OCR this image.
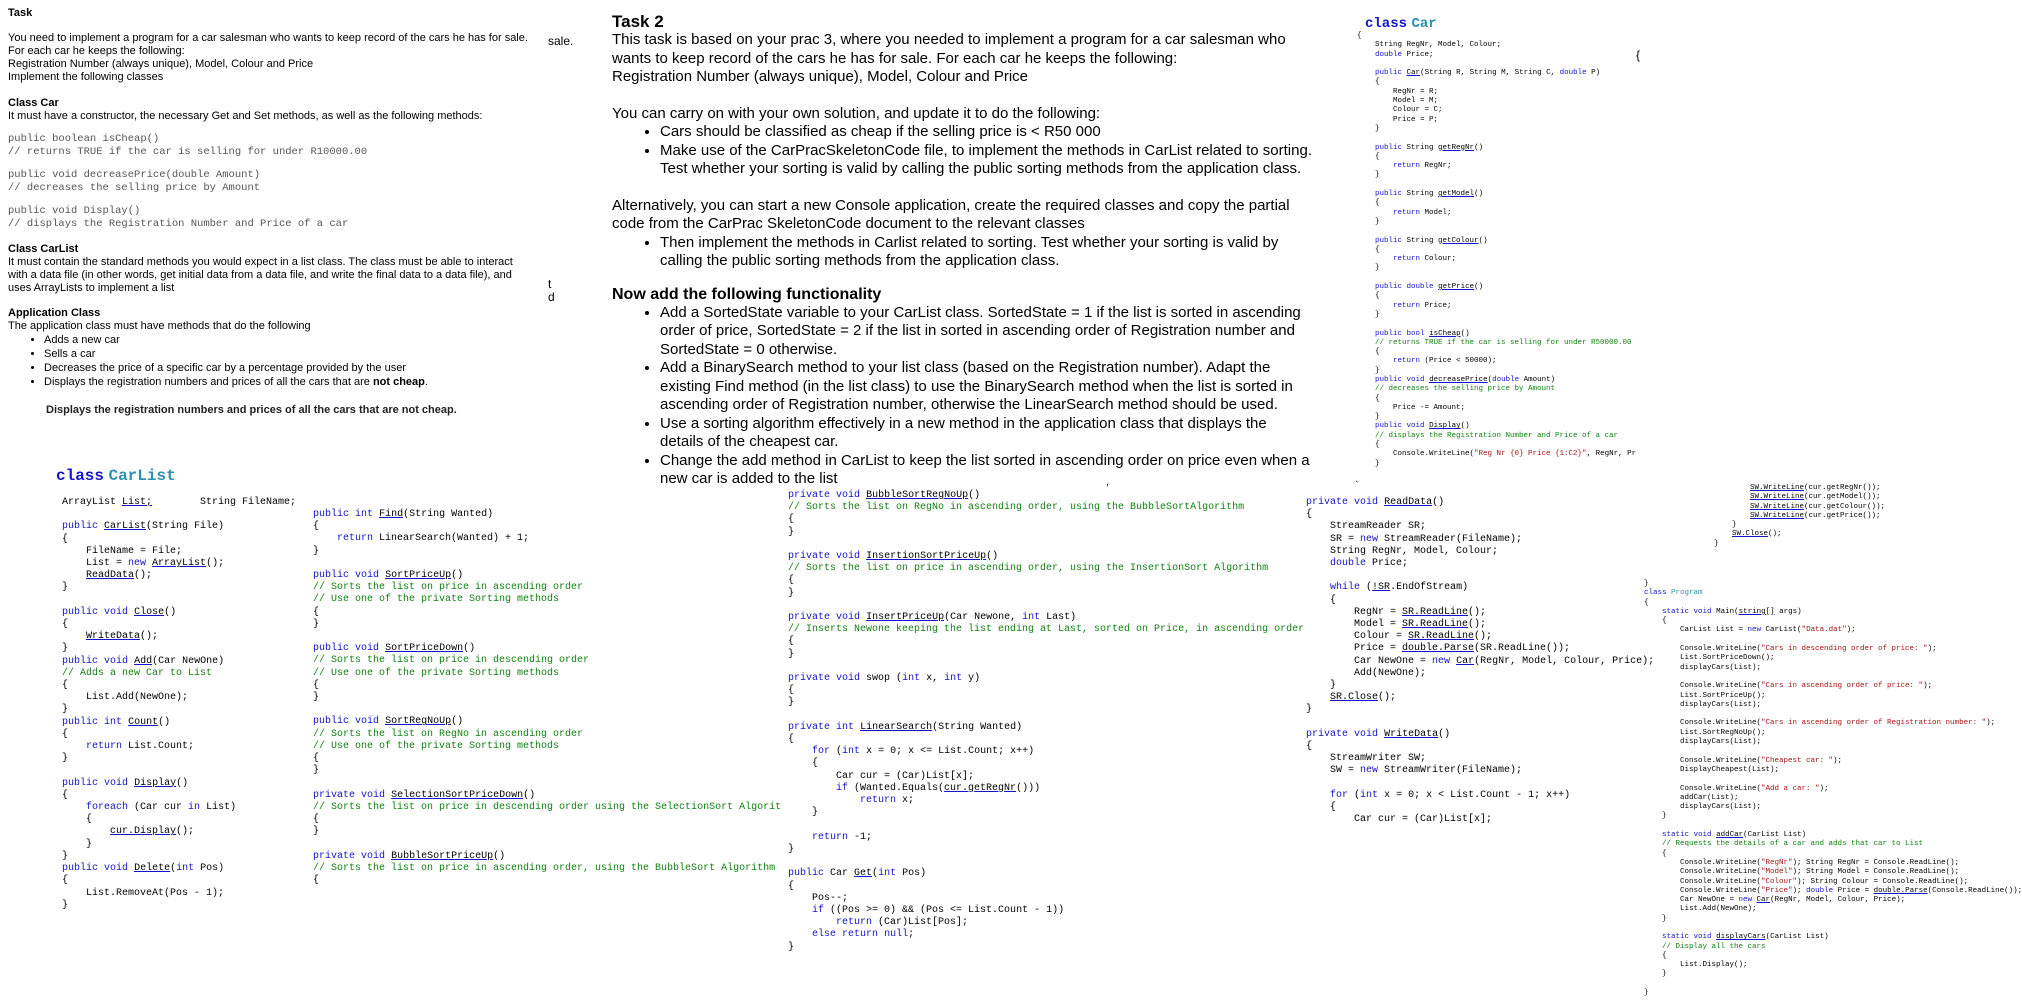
Task

You need to implement a program for a car salesman who wants to keep record of the cars he has for sale.

For each car he keeps the following:

Registration Number (always unique), Model, Colour and Price

Implement the following classes

Class Car

It must have a constructor, the necessary Get and Set methods, as well as the following methods:

public boolean isCheap()

// returns TRUE if the car is selling for under R10000.00

public void decreasePrice(double Amount)

// decreases the selling price by Amount

public void Display()

// displays the Registration Number and Price of a car

Class CarList

It must contain the standard methods you would expect in a list class. The class must be able to interact

with a data file (in other words, get initial data from a data file, and write the final data to a data file), and

uses ArrayLists to implement a list

Application Class

The application class must have methods that do the following

• Adds a new car
• Sells a car
• Decreases the price of a specific car by a percentage provided by the user
• Displays the registration numbers and prices of all the cars that are not cheap.
sale.
t
d
Displays the registration numbers and prices of all the cars that are not cheap.

Task 2

This task is based on your prac 3, where you needed to implement a program for a car salesman who

wants to keep record of the cars he has for sale. For each car he keeps the following:

Registration Number (always unique), Model, Colour and Price

You can carry on with your own solution, and update it to do the following:

• Cars should be classified as cheap if the selling price is < R50 000
• Make use of the CarPracSkeletonCode file, to implement the methods in CarList related to sorting. Test whether your sorting is valid by calling the public sorting methods from the application class.

Alternatively, you can start a new Console application, create the required classes and copy the partial

code from the CarPrac SkeletonCode document to the relevant classes

• Then implement the methods in Carlist related to sorting. Test whether your sorting is valid by calling the public sorting methods from the application class.

Now add the following functionality

• Add a SortedState variable to your CarList class. SortedState = 1 if the list is sorted in ascending order of price, SortedState = 2 if the list in sorted in ascending order of Registration number and SortedState = 0 otherwise.
• Add a BinarySearch method to your list class (based on the Registration number). Adapt the existing Find method (in the list class) to use the BinarySearch method when the list is sorted in ascending order of Registration number, otherwise the LinearSearch method should be used.
• Use a sorting algorithm effectively in a new method in the application class that displays the details of the cheapest car.
• Change the add method in CarList to keep the list sorted in ascending order on price even when a new car is added to the list	,	`
class Car
{
{
String RegNr, Model, Colour;
double Price;

public Car(String R, String M, String C, double P)
{
RegNr = R;
Model = M;
Colour = C;
Price = P;
}

public String getRegNr()
{
return RegNr;
}

public String getModel()
{
return Model;
}

public String getColour()
{
return Colour;
}

public double getPrice()
{
return Price;
}

public bool isCheap()
// returns TRUE if the car is selling for under R50000.00
{
return (Price < 50000);
}
public void decreasePrice(double Amount)
// decreases the selling price by Amount
{
Price -= Amount;
}
public void Display()
// displays the Registration Number and Price of a car
{
Console.WriteLine("Reg Nr {0} Price {1:C2}", RegNr, Pr
}
class CarList
ArrayList List;	String FileName;

public CarList(String File)
{
FileName = File;
List = new ArrayList();
ReadData();
}

public void Close()
{
WriteData();
}
public void Add(Car NewOne)
// Adds a new Car to List
{
List.Add(NewOne);
}
public int Count()
{
return List.Count;
}

public void Display()
{
foreach (Car cur in List)
{
cur.Display();
}
}
public void Delete(int Pos)
{
List.RemoveAt(Pos - 1);
}
public int Find(String Wanted)
{
return LinearSearch(Wanted) + 1;
}

public void SortPriceUp()
// Sorts the list on price in ascending order
// Use one of the private Sorting methods
{
}

public void SortPriceDown()
// Sorts the list on price in descending order
// Use one of the private Sorting methods
{
}

public void SortRegNoUp()
// Sorts the list on RegNo in ascending order
// Use one of the private Sorting methods
{
}

private void SelectionSortPriceDown()
// Sorts the list on price in descending order using the SelectionSort Algorit
{
}

private void BubbleSortPriceUp()
// Sorts the list on price in ascending order, using the BubbleSort Algorithm
{
private void BubbleSortRegNoUp()
// Sorts the list on RegNo in ascending order, using the BubbleSortAlgorithm
{
}

private void InsertionSortPriceUp()
// Sorts the list on price in ascending order, using the InsertionSort Algorithm
{
}

private void InsertPriceUp(Car Newone, int Last)
// Inserts Newone keeping the list ending at Last, sorted on Price, in ascending order
{
}

private void swop (int x, int y)
{
}

private int LinearSearch(String Wanted)
{
for (int x = 0; x <= List.Count; x++)
{
Car cur = (Car)List[x];
if (Wanted.Equals(cur.getRegNr()))
return x;
}

return -1;
}

public Car Get(int Pos)
{
Pos--;
if ((Pos >= 0) && (Pos <= List.Count - 1))
return (Car)List[Pos];
else return null;
}
private void ReadData()
{
StreamReader SR;
SR = new StreamReader(FileName);
String RegNr, Model, Colour;
double Price;

while (!SR.EndOfStream)
{
RegNr = SR.ReadLine();
Model = SR.ReadLine();
Colour = SR.ReadLine();
Price = double.Parse(SR.ReadLine());
Car NewOne = new Car(RegNr, Model, Colour, Price);
Add(NewOne);
}
SR.Close();
}

private void WriteData()
{
StreamWriter SW;
SW = new StreamWriter(FileName);

for (int x = 0; x < List.Count - 1; x++)
{
Car cur = (Car)List[x];
SW.WriteLine(cur.getRegNr());
SW.WriteLine(cur.getModel());
SW.WriteLine(cur.getColour());
SW.WriteLine(cur.getPrice());
}
SW.Close();
}
}
class Program
{
static void Main(string[] args)
{
CarList List = new CarList("Data.dat");

Console.WriteLine("Cars in descending order of price: ");
List.SortPriceDown();
displayCars(List);

Console.WriteLine("Cars in ascending order of price: ");
List.SortPriceUp();
displayCars(List);

Console.WriteLine("Cars in ascending order of Registration number: ");
List.SortRegNoUp();
displayCars(List);

Console.WriteLine("Cheapest car: ");
DisplayCheapest(List);

Console.WriteLine("Add a car: ");
addCar(List);
displayCars(List);
}

static void addCar(CarList List)
// Requests the details of a car and adds that car to List
{
Console.WriteLine("RegNr"); String RegNr = Console.ReadLine();
Console.WriteLine("Model"); String Model = Console.ReadLine();
Console.WriteLine("Colour"); String Colour = Console.ReadLine();
Console.WriteLine("Price"); double Price = double.Parse(Console.ReadLine());
Car NewOne = new Car(RegNr, Model, Colour, Price);
List.Add(NewOne);
}

static void displayCars(CarList List)
// Display all the cars
{
List.Display();
}

}
